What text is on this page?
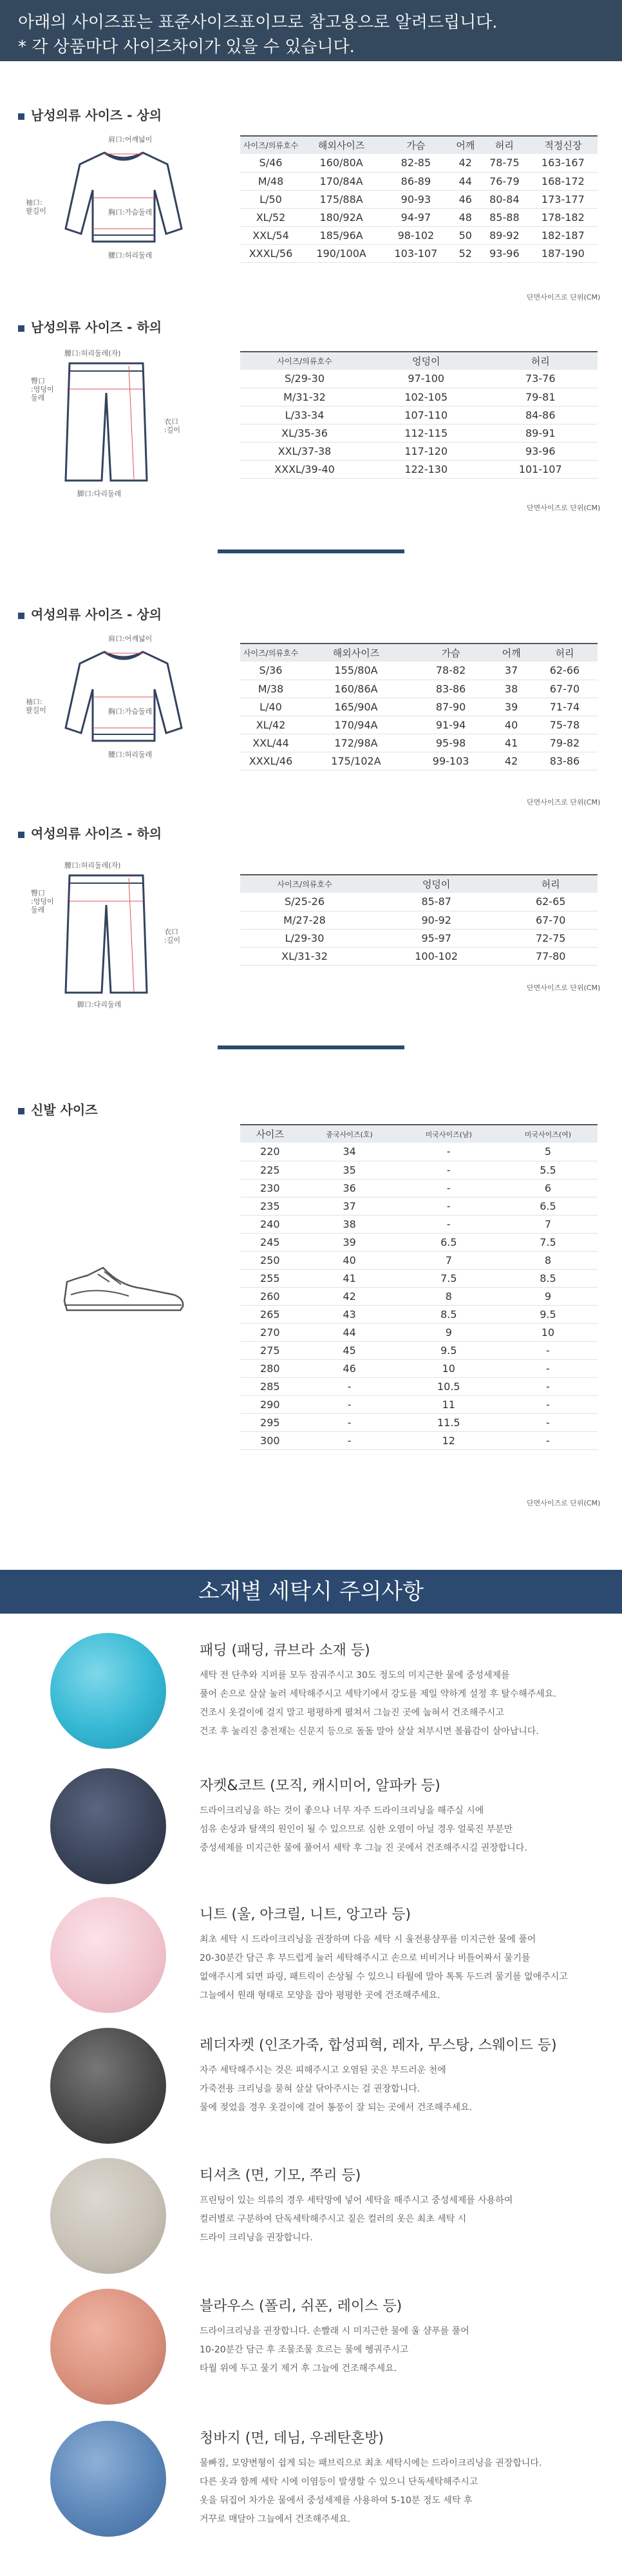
아래의 사이즈표는 표준사이즈표이므로 참고용으로 알려드립니다.
* 각 상품마다 사이즈차이가 있을 수 있습니다.
남성의류 사이즈 - 상의
肩口:어깨넓이
袖口:
팔길이	胸口:가슴둘레
腰口:허리둘레
사이즈/의류호수	해외사이즈	가슴	어깨	허리	적정신장
S/46	160/80A	82-85	42	78-75	163-167
M/48	170/84A	86-89	44	76-79	168-172
L/50	175/88A	90-93	46	80-84	173-177
XL/52	180/92A	94-97	48	85-88	178-182
XXL/54	185/96A	98-102	50	89-92	182-187
XXXL/56	190/100A	103-107	52	93-96	187-190
단면사이즈로 단위(CM)
남성의류 사이즈 - 하의
腰口:허리둘레(자)
臀口
:엉덩이
둘레
衣口
:길이
脚口:다리둘레
사이즈/의류호수	엉덩이	허리
S/29-30	97-100	73-76
M/31-32	102-105	79-81
L/33-34	107-110	84-86
XL/35-36	112-115	89-91
XXL/37-38	117-120	93-96
XXXL/39-40	122-130	101-107
단면사이즈로 단위(CM)
여성의류 사이즈 - 상의
肩口:어깨넓이
袖口:
팔길이	胸口:가슴둘레
腰口:허리둘레
사이즈/의류호수	해외사이즈	가슴	어깨	허리
S/36	155/80A	78-82	37	62-66
M/38	160/86A	83-86	38	67-70
L/40	165/90A	87-90	39	71-74
XL/42	170/94A	91-94	40	75-78
XXL/44	172/98A	95-98	41	79-82
XXXL/46	175/102A	99-103	42	83-86
단면사이즈로 단위(CM)
여성의류 사이즈 - 하의
腰口:허리둘레(자)
臀口
:엉덩이
둘레
衣口
:길이
脚口:다리둘레
사이즈/의류호수	엉덩이	허리
S/25-26	85-87	62-65
M/27-28	90-92	67-70
L/29-30	95-97	72-75
XL/31-32	100-102	77-80
단면사이즈로 단위(CM)
신발 사이즈
사이즈	중국사이즈(호)	미국사이즈(남)	미국사이즈(여)
220	34	-	5
225	35	-	5.5
230	36	-	6
235	37	-	6.5
240	38	-	7
245	39	6.5	7.5
250	40	7	8
255	41	7.5	8.5
260	42	8	9
265	43	8.5	9.5
270	44	9	10
275	45	9.5	-
280	46	10	-
285	-	10.5	-
290	-	11	-
295	-	11.5	-
300	-	12	-
단면사이즈로 단위(CM)
소재별 세탁시 주의사항
패딩 (패딩, 큐브라 소재 등)
세탁 전 단추와 지퍼를 모두 잠궈주시고 30도 정도의 미지근한 물에 중성세제를
풀어 손으로 살살 눌러 세탁해주시고 세탁기에서 강도를 제일 약하게 설정 후 탈수해주세요.
건조시 옷걸이에 걸지 말고 평평하게 펼쳐서 그늘진 곳에 눕혀서 건조해주시고
건조 후 눌리진 충전재는 신문지 등으로 돌돌 말아 살살 쳐부시면 볼륨감이 살아납니다.
자켓&코트 (모직, 캐시미어, 알파카 등)
드라이크리닝을 하는 것이 좋으나 너무 자주 드라이크리닝을 해주실 시에
섬유 손상과 탈색의 원인이 될 수 있으므로 심한 오염이 아닐 경우 얼룩진 부분만
중성세제를 미지근한 물에 풀어서 세탁 후 그늘 진 곳에서 건조해주시길 권장합니다.
니트 (울, 아크릴, 니트, 앙고라 등)
최초 세탁 시 드라이크리닝을 권장하며 다음 세탁 시 울전용샴푸를 미지근한 물에 풀어
20-30분간 담근 후 부드럽게 눌러 세탁해주시고 손으로 비비거나 비틀어짜서 물기를
없애주시게 되면 파링, 패트릭이 손상될 수 있으니 타월에 말아 톡톡 두드려 물기를 없애주시고
그늘에서 원래 형태로 모양을 잡아 평평한 곳에 건조해주세요.
레더자켓 (인조가죽, 합성피혁, 레자, 무스탕, 스웨이드 등)
자주 세탁해주시는 것은 피해주시고 오염된 곳은 부드러운 천에
가죽전용 크리닝을 묻혀 살살 닦아주시는 걸 권장합니다.
물에 젖었을 경우 옷걸이에 걸어 통풍이 잘 되는 곳에서 건조해주세요.
티셔츠 (면, 기모, 쭈리 등)
프린팅이 있는 의류의 경우 세탁망에 넣어 세탁을 해주시고 중성세제를 사용하여
컬러별로 구분하여 단독세탁해주시고 짙은 컬러의 옷은 최초 세탁 시
드라이 크리닝을 권장합니다.
블라우스 (폴리, 쉬폰, 레이스 등)
드라이크리닝을 권장합니다. 손빨래 시 미지근한 물에 울 샴푸를 풀어
10-20분간 담근 후 조물조물 흐르는 물에 헹궈주시고
타월 위에 두고 물기 제거 후 그늘에 건조해주세요.
청바지 (면, 데님, 우레탄혼방)
물빠짐, 모양변형이 쉽게 되는 패브릭으로 최초 세탁시에는 드라이크리닝을 권장합니다.
다른 옷과 함께 세탁 시에 이염등이 발생할 수 있으니 단독세탁해주시고
옷을 뒤집어 차가운 물에서 중성세제를 사용하여 5-10분 정도 세탁 후
거꾸로 매달아 그늘에서 건조해주세요.
